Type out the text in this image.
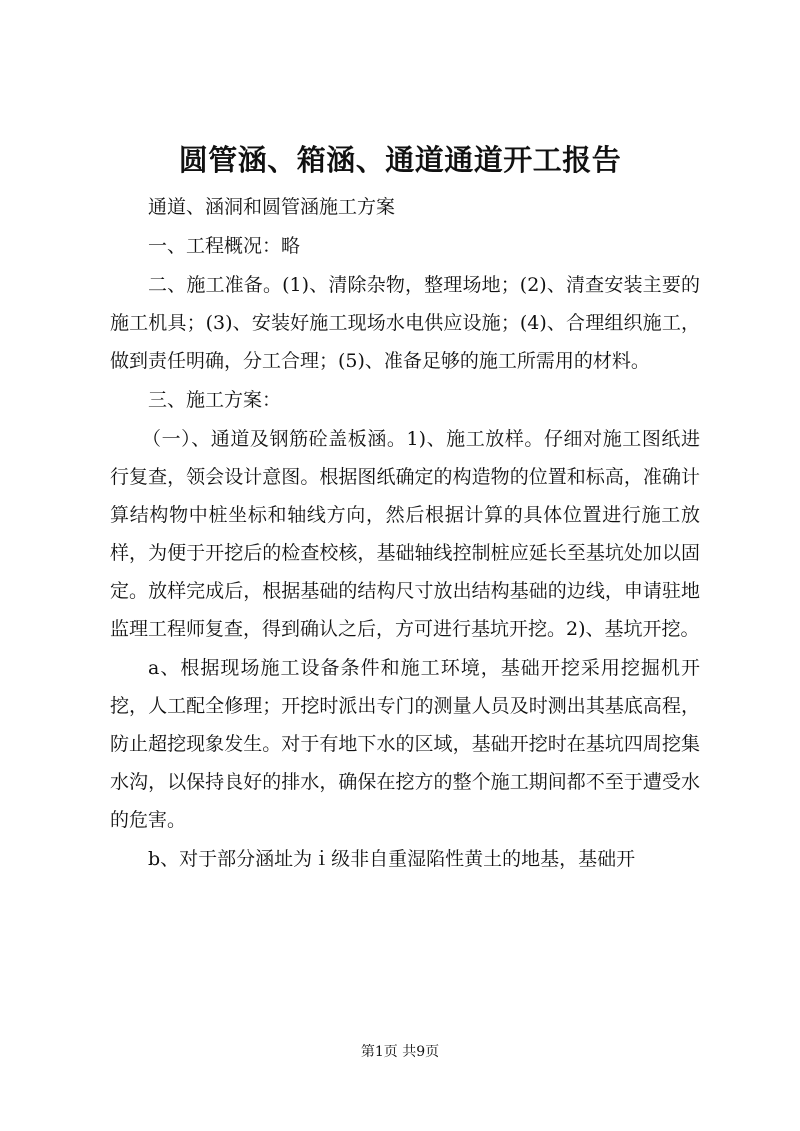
圆管涵、箱涵、通道通道开工报告

通道、涵洞和圆管涵施工方案

一、工程概况：略

二、施工准备。(1)、清除杂物，整理场地；(2)、清查安装主要的施工机具；(3)、安装好施工现场水电供应设施；(4)、合理组织施工，做到责任明确，分工合理；(5)、准备足够的施工所需用的材料。

三、施工方案：

（一）、通道及钢筋砼盖板涵。1)、施工放样。仔细对施工图纸进行复查，领会设计意图。根据图纸确定的构造物的位置和标高，准确计算结构物中桩坐标和轴线方向，然后根据计算的具体位置进行施工放样，为便于开挖后的检查校核，基础轴线控制桩应延长至基坑处加以固定。放样完成后，根据基础的结构尺寸放出结构基础的边线，申请驻地监理工程师复查，得到确认之后，方可进行基坑开挖。2)、基坑开挖。

a、根据现场施工设备条件和施工环境，基础开挖采用挖掘机开挖，人工配全修理；开挖时派出专门的测量人员及时测出其基底高程，防止超挖现象发生。对于有地下水的区域，基础开挖时在基坑四周挖集水沟，以保持良好的排水，确保在挖方的整个施工期间都不至于遭受水的危害。

b、对于部分涵址为ｉ级非自重湿陷性黄土的地基，基础开

第1页 共9页
